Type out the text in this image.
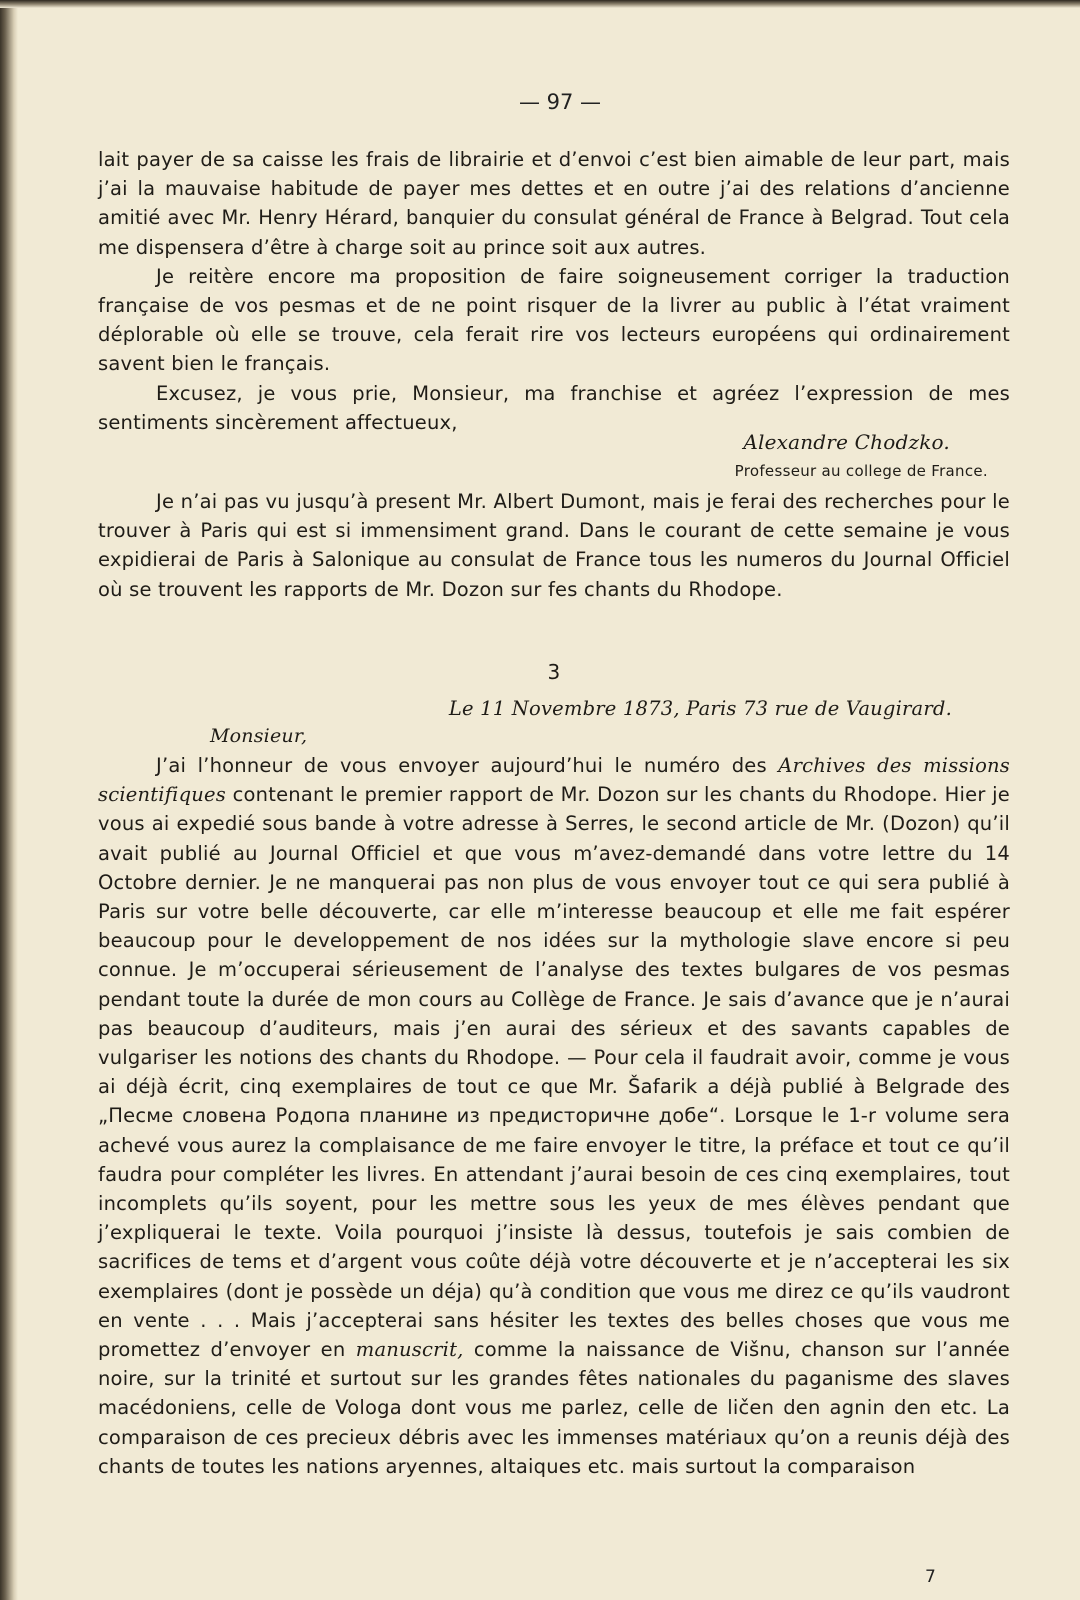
— 97 —

lait payer de sa caisse les frais de librairie et d’envoi c’est bien aimable de leur part, mais j’ai la mauvaise habitude de payer mes dettes et en outre j’ai des relations d’ancienne amitié avec Mr. Henry Hérard, banquier du consulat général de France à Belgrad. Tout cela me dispensera d’être à charge soit au prince soit aux autres.

Je reitère encore ma proposition de faire soigneusement corriger la traduction française de vos pesmas et de ne point risquer de la livrer au public à l’état vraiment déplorable où elle se trouve, cela ferait rire vos lecteurs européens qui ordinairement savent bien le français.

Excusez, je vous prie, Monsieur, ma franchise et agréez l’expression de mes sentiments sincèrement affectueux,

Alexandre Chodzko.
Professeur au college de France.

Je n’ai pas vu jusqu’à present Mr. Albert Dumont, mais je ferai des recherches pour le trouver à Paris qui est si immensiment grand. Dans le courant de cette semaine je vous expidierai de Paris à Salonique au consulat de France tous les numeros du Journal Officiel où se trouvent les rapports de Mr. Dozon sur fes chants du Rhodope.

3
Le 11 Novembre 1873, Paris 73 rue de Vaugirard.
Monsieur,

J’ai l’honneur de vous envoyer aujourd’hui le numéro des Archives des missions scientifiques contenant le premier rapport de Mr. Dozon sur les chants du Rhodope. Hier je vous ai expedié sous bande à votre adresse à Serres, le second article de Mr. (Dozon) qu’il avait publié au Journal Officiel et que vous m’avez-demandé dans votre lettre du 14 Octobre dernier. Je ne manquerai pas non plus de vous envoyer tout ce qui sera publié à Paris sur votre belle découverte, car elle m’interesse beaucoup et elle me fait espérer beaucoup pour le developpement de nos idées sur la mythologie slave encore si peu connue. Je m’occuperai sérieusement de l’analyse des textes bulgares de vos pesmas pendant toute la durée de mon cours au Collège de France. Je sais d’avance que je n’aurai pas beaucoup d’auditeurs, mais j’en aurai des sérieux et des savants capables de vulgariser les notions des chants du Rhodope. — Pour cela il faudrait avoir, comme je vous ai déjà écrit, cinq exemplaires de tout ce que Mr. Šafarik a déjà publié à Belgrade des „Песме словена Родопа планине из предисторичне добе“. Lorsque le 1-r volume sera achevé vous aurez la complaisance de me faire envoyer le titre, la préface et tout ce qu’il faudra pour compléter les livres. En attendant j’aurai besoin de ces cinq exemplaires, tout incomplets qu’ils soyent, pour les mettre sous les yeux de mes élèves pendant que j’expliquerai le texte. Voila pourquoi j’insiste là dessus, toutefois je sais combien de sacrifices de tems et d’argent vous coûte déjà votre découverte et je n’accepterai les six exemplaires (dont je possède un déja) qu’à condition que vous me direz ce qu’ils vaudront en vente . . . Mais j’accepterai sans hésiter les textes des belles choses que vous me promettez d’envoyer en manuscrit, comme la naissance de Višnu, chanson sur l’année noire, sur la trinité et surtout sur les grandes fêtes nationales du paganisme des slaves macédoniens, celle de Vologa dont vous me parlez, celle de ličen den agnin den etc. La comparaison de ces precieux débris avec les immenses matériaux qu’on a reunis déjà des chants de toutes les nations aryennes, altaiques etc. mais surtout la comparaison

7
